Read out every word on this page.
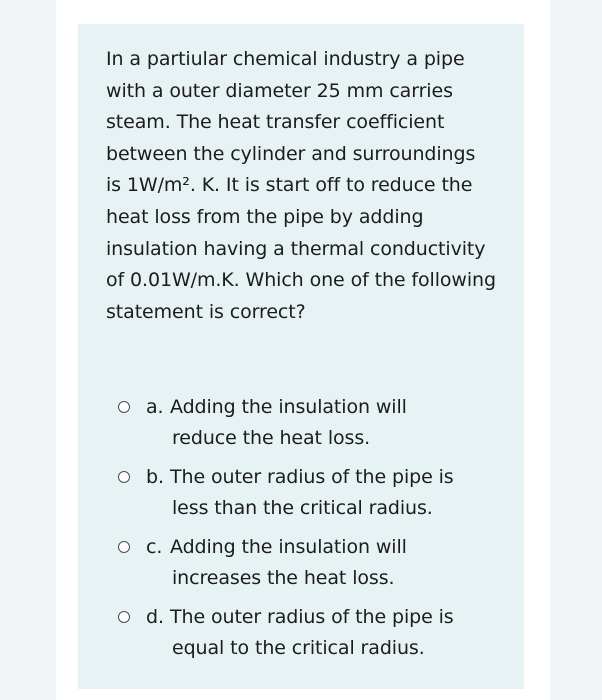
In a partiular chemical industry a pipe with a outer diameter 25 mm carries steam. The heat transfer coefficient between the cylinder and surroundings is 1W/m². K. It is start off to reduce the heat loss from the pipe by adding insulation having a thermal conductivity of 0.01W/m.K. Which one of the following statement is correct?

a. Adding the insulation will
reduce the heat loss.
b. The outer radius of the pipe is
less than the critical radius.
c. Adding the insulation will
increases the heat loss.
d. The outer radius of the pipe is
equal to the critical radius.
